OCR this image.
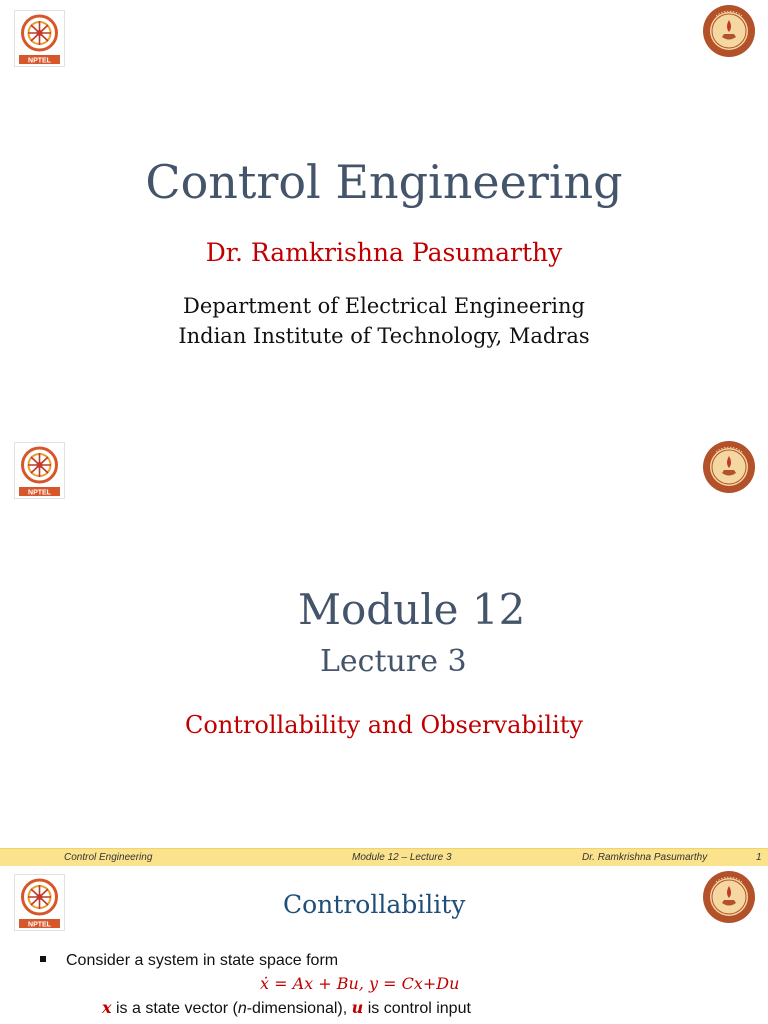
NPTEL
Control Engineering
Dr. Ramkrishna Pasumarthy
Department of Electrical Engineering
Indian Institute of Technology, Madras
NPTEL
Module 12
Lecture 3
Controllability and Observability
Control Engineering	Module 12 – Lecture 3	Dr. Ramkrishna Pasumarthy	1
NPTEL
Controllability
Consider a system in state space form
ẋ = Ax + Bu, y = Cx+Du
x is a state vector (n-dimensional), u is control input
